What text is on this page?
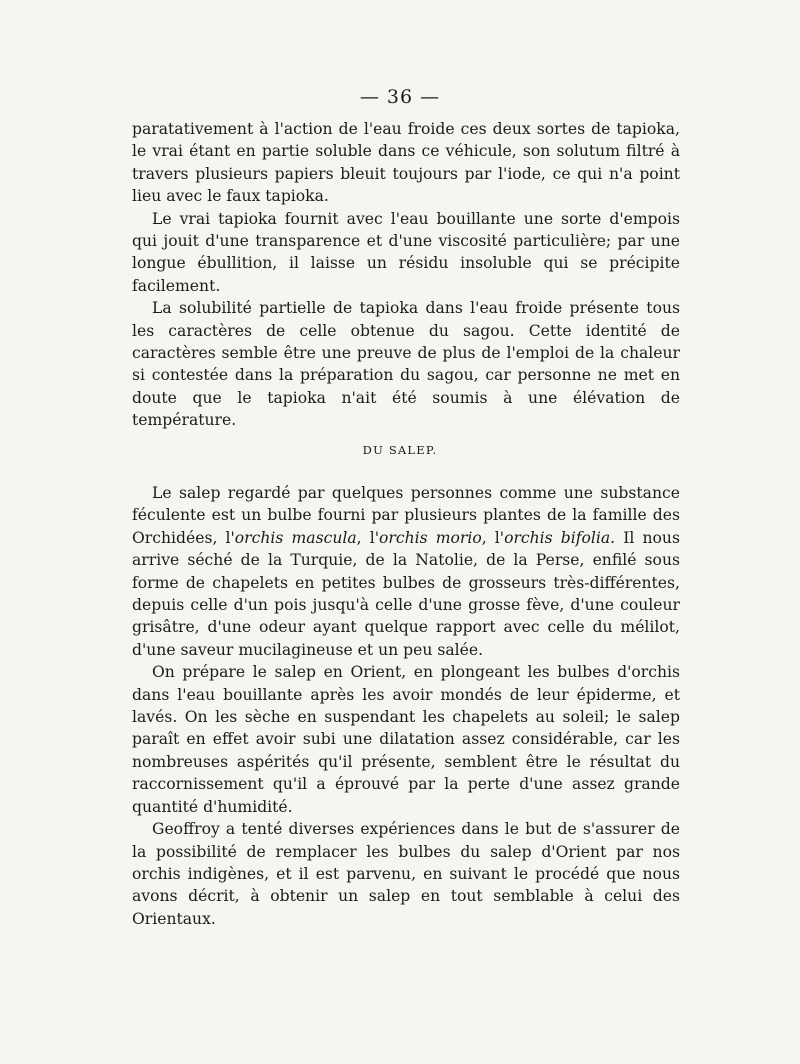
— 36 —

paratativement à l'action de l'eau froide ces deux sortes de tapioka, le vrai étant en partie soluble dans ce véhicule, son solutum filtré à travers plusieurs papiers bleuit toujours par l'iode, ce qui n'a point lieu avec le faux tapioka.

Le vrai tapioka fournit avec l'eau bouillante une sorte d'empois qui jouit d'une transparence et d'une viscosité particulière; par une longue ébullition, il laisse un résidu insoluble qui se précipite facilement.

La solubilité partielle de tapioka dans l'eau froide présente tous les caractères de celle obtenue du sagou. Cette identité de caractères semble être une preuve de plus de l'emploi de la chaleur si contestée dans la préparation du sagou, car personne ne met en doute que le tapioka n'ait été soumis à une élévation de température.

DU SALEP.

Le salep regardé par quelques personnes comme une substance féculente est un bulbe fourni par plusieurs plantes de la famille des Orchidées, l'orchis mascula, l'orchis morio, l'orchis bifolia. Il nous arrive séché de la Turquie, de la Natolie, de la Perse, enfilé sous forme de chapelets en petites bulbes de grosseurs très-différentes, depuis celle d'un pois jusqu'à celle d'une grosse fève, d'une couleur grisâtre, d'une odeur ayant quelque rapport avec celle du mélilot, d'une saveur mucilagineuse et un peu salée.

On prépare le salep en Orient, en plongeant les bulbes d'orchis dans l'eau bouillante après les avoir mondés de leur épiderme, et lavés. On les sèche en suspendant les chapelets au soleil; le salep paraît en effet avoir subi une dilatation assez considérable, car les nombreuses aspérités qu'il présente, semblent être le résultat du raccornissement qu'il a éprouvé par la perte d'une assez grande quantité d'humidité.

Geoffroy a tenté diverses expériences dans le but de s'assurer de la possibilité de remplacer les bulbes du salep d'Orient par nos orchis indigènes, et il est parvenu, en suivant le procédé que nous avons décrit, à obtenir un salep en tout semblable à celui des Orientaux.
